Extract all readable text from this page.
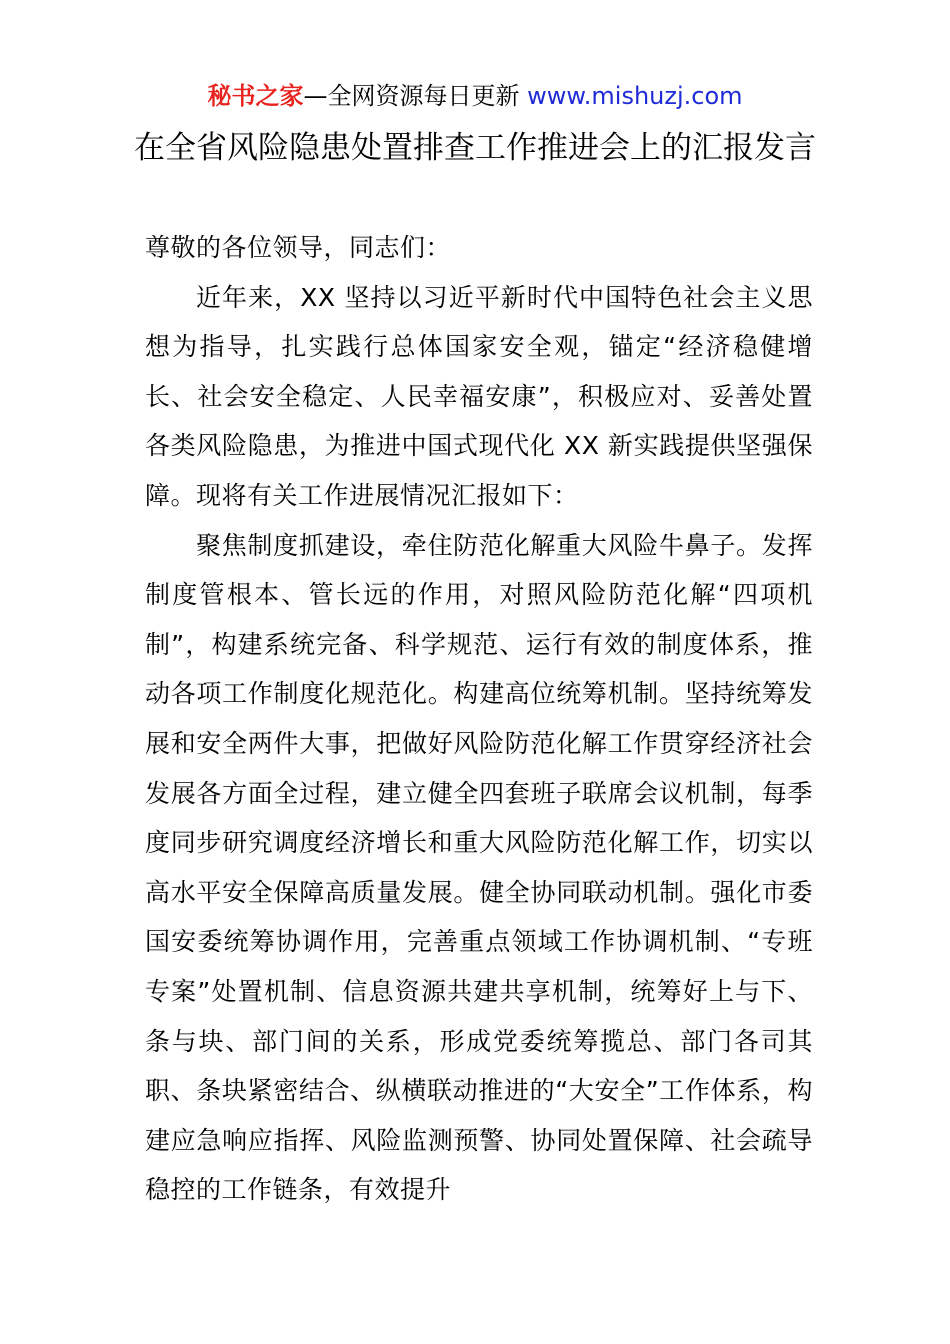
秘书之家—全网资源每日更新 www.mishuzj.com
在全省风险隐患处置排查工作推进会上的汇报发言

尊敬的各位领导，同志们：

近年来，XX 坚持以习近平新时代中国特色社会主义思想为指导，扎实践行总体国家安全观，锚定“经济稳健增长、社会安全稳定、人民幸福安康”，积极应对、妥善处置各类风险隐患，为推进中国式现代化 XX 新实践提供坚强保障。现将有关工作进展情况汇报如下：

聚焦制度抓建设，牵住防范化解重大风险牛鼻子。发挥制度管根本、管长远的作用，对照风险防范化解“四项机制”，构建系统完备、科学规范、运行有效的制度体系，推动各项工作制度化规范化。构建高位统筹机制。坚持统筹发展和安全两件大事，把做好风险防范化解工作贯穿经济社会发展各方面全过程，建立健全四套班子联席会议机制，每季度同步研究调度经济增长和重大风险防范化解工作，切实以高水平安全保障高质量发展。健全协同联动机制。强化市委国安委统筹协调作用，完善重点领域工作协调机制、“专班专案”处置机制、信息资源共建共享机制，统筹好上与下、条与块、部门间的关系，形成党委统筹揽总、部门各司其职、条块紧密结合、纵横联动推进的“大安全”工作体系，构建应急响应指挥、风险监测预警、协同处置保障、社会疏导稳控的工作链条，有效提升
